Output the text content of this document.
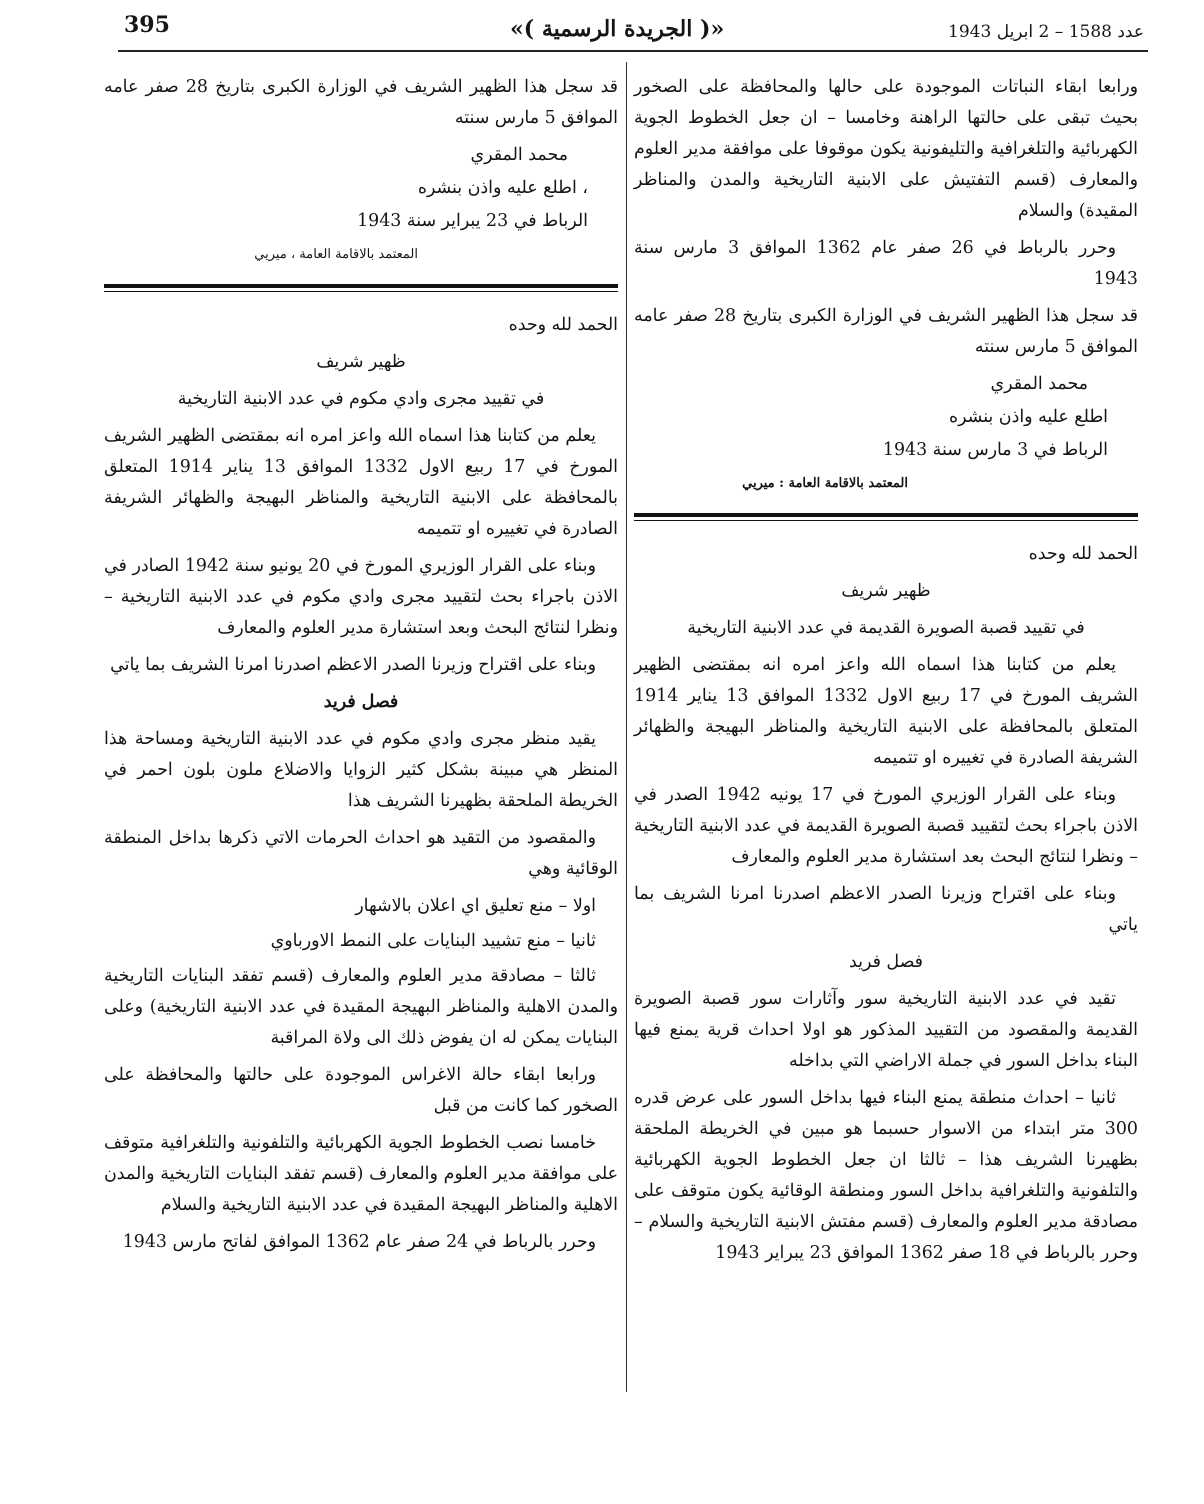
عدد 1588 – 2 ابريل 1943
«( الجريدة الرسمية )»
395

ورابعا ابقاء النباتات الموجودة على حالها والمحافظة على الصخور بحيث تبقى على حالتها الراهنة وخامسا – ان جعل الخطوط الجوية الكهربائية والتلغرافية والتليفونية يكون موقوفا على موافقة مدير العلوم والمعارف (قسم التفتيش على الابنية التاريخية والمدن والمناظر المقيدة) والسلام

وحرر بالرباط في 26 صفر عام 1362 الموافق 3 مارس سنة 1943

قد سجل هذا الظهير الشريف في الوزارة الكبرى بتاريخ 28 صفر عامه الموافق 5 مارس سنته

محمد المقري

اطلع عليه واذن بنشره

الرباط في 3 مارس سنة 1943

المعتمد بالاقامة العامة : ميريي

الحمد لله وحده

ظهير شريف

في تقييد قصبة الصويرة القديمة في عدد الابنية التاريخية

يعلم من كتابنا هذا اسماه الله واعز امره انه بمقتضى الظهير الشريف المورخ في 17 ربيع الاول 1332 الموافق 13 يناير 1914 المتعلق بالمحافظة على الابنية التاريخية والمناظر البهيجة والظهائر الشريفة الصادرة في تغييره او تتميمه

وبناء على القرار الوزيري المورخ في 17 يونيه 1942 الصدر في الاذن باجراء بحث لتقييد قصبة الصويرة القديمة في عدد الابنية التاريخية – ونظرا لنتائج البحث بعد استشارة مدير العلوم والمعارف

وبناء على اقتراح وزيرنا الصدر الاعظم اصدرنا امرنا الشريف بما ياتي

فصل فريد

تقيد في عدد الابنية التاريخية سور وآثارات سور قصبة الصويرة القديمة والمقصود من التقييد المذكور هو اولا احداث قرية يمنع فيها البناء بداخل السور في جملة الاراضي التي بداخله

ثانيا – احداث منطقة يمنع البناء فيها بداخل السور على عرض قدره 300 متر ابتداء من الاسوار حسبما هو مبين في الخريطة الملحقة بظهيرنا الشريف هذا – ثالثا ان جعل الخطوط الجوية الكهربائية والتلفونية والتلغرافية بداخل السور ومنطقة الوقائية يكون متوقف على مصادقة مدير العلوم والمعارف (قسم مفتش الابنية التاريخية والسلام – وحرر بالرباط في 18 صفر 1362 الموافق 23 يبراير 1943

قد سجل هذا الظهير الشريف في الوزارة الكبرى بتاريخ 28 صفر عامه الموافق 5 مارس سنته

محمد المقري

، اطلع عليه واذن بنشره

الرباط في 23 يبراير سنة 1943

المعتمد بالاقامة العامة ، ميريي

الحمد لله وحده

ظهير شريف

في تقييد مجرى وادي مكوم في عدد الابنية التاريخية

يعلم من كتابنا هذا اسماه الله واعز امره انه بمقتضى الظهير الشريف المورخ في 17 ربيع الاول 1332 الموافق 13 يناير 1914 المتعلق بالمحافظة على الابنية التاريخية والمناظر البهيجة والظهائر الشريفة الصادرة في تغييره او تتميمه

وبناء على القرار الوزيري المورخ في 20 يونيو سنة 1942 الصادر في الاذن باجراء بحث لتقييد مجرى وادي مكوم في عدد الابنية التاريخية – ونظرا لنتائج البحث وبعد استشارة مدير العلوم والمعارف

وبناء على اقتراح وزيرنا الصدر الاعظم اصدرنا امرنا الشريف بما ياتي

فصل فريد

يقيد منظر مجرى وادي مكوم في عدد الابنية التاريخية ومساحة هذا المنظر هي مبينة بشكل كثير الزوايا والاضلاع ملون بلون احمر في الخريطة الملحقة بظهيرنا الشريف هذا

والمقصود من التقيد هو احداث الحرمات الاتي ذكرها بداخل المنطقة الوقائية وهي

اولا – منع تعليق اي اعلان بالاشهار

ثانيا – منع تشييد البنايات على النمط الاورباوي

ثالثا – مصادقة مدير العلوم والمعارف (قسم تفقد البنايات التاريخية والمدن الاهلية والمناظر البهيجة المقيدة في عدد الابنية التاريخية) وعلى البنايات يمكن له ان يفوض ذلك الى ولاة المراقبة

ورابعا ابقاء حالة الاغراس الموجودة على حالتها والمحافظة على الصخور كما كانت من قبل

خامسا نصب الخطوط الجوية الكهربائية والتلفونية والتلغرافية متوقف على موافقة مدير العلوم والمعارف (قسم تفقد البنايات التاريخية والمدن الاهلية والمناظر البهيجة المقيدة في عدد الابنية التاريخية والسلام

وحرر بالرباط في 24 صفر عام 1362 الموافق لفاتح مارس 1943
